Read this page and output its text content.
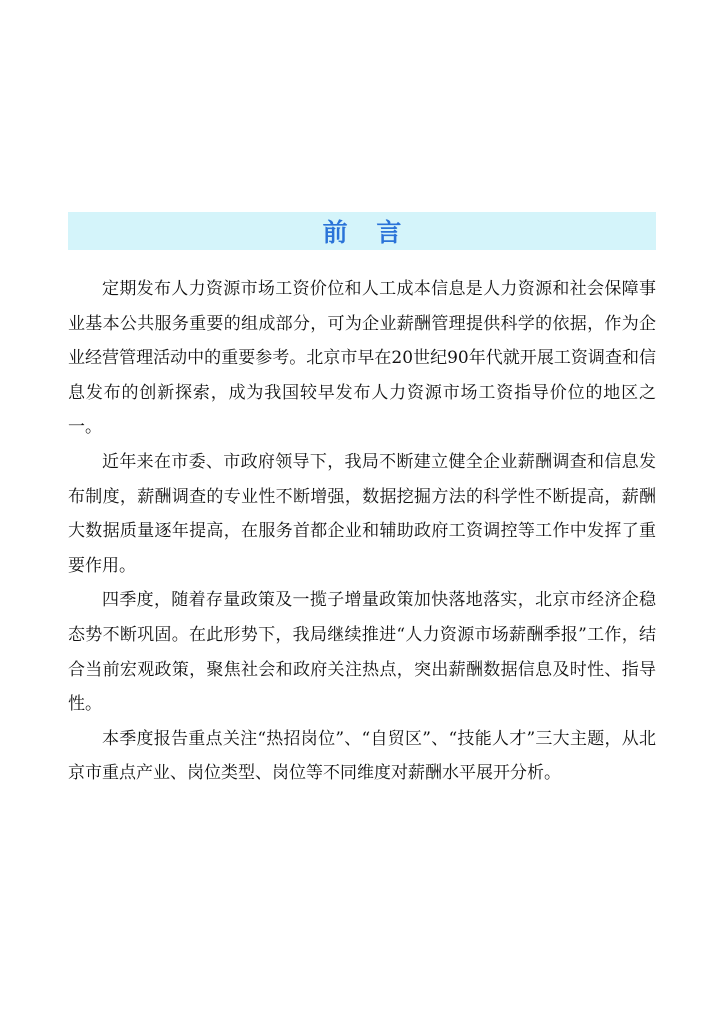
前 言

定期发布人力资源市场工资价位和人工成本信息是人力资源和社会保障事业基本公共服务重要的组成部分，可为企业薪酬管理提供科学的依据，作为企业经营管理活动中的重要参考。北京市早在20世纪90年代就开展工资调查和信息发布的创新探索，成为我国较早发布人力资源市场工资指导价位的地区之一。

近年来在市委、市政府领导下，我局不断建立健全企业薪酬调查和信息发布制度，薪酬调查的专业性不断增强，数据挖掘方法的科学性不断提高，薪酬大数据质量逐年提高，在服务首都企业和辅助政府工资调控等工作中发挥了重要作用。

四季度，随着存量政策及一揽子增量政策加快落地落实，北京市经济企稳态势不断巩固。在此形势下，我局继续推进“人力资源市场薪酬季报”工作，结合当前宏观政策，聚焦社会和政府关注热点，突出薪酬数据信息及时性、指导性。

本季度报告重点关注“热招岗位”、“自贸区”、“技能人才”三大主题，从北京市重点产业、岗位类型、岗位等不同维度对薪酬水平展开分析。
